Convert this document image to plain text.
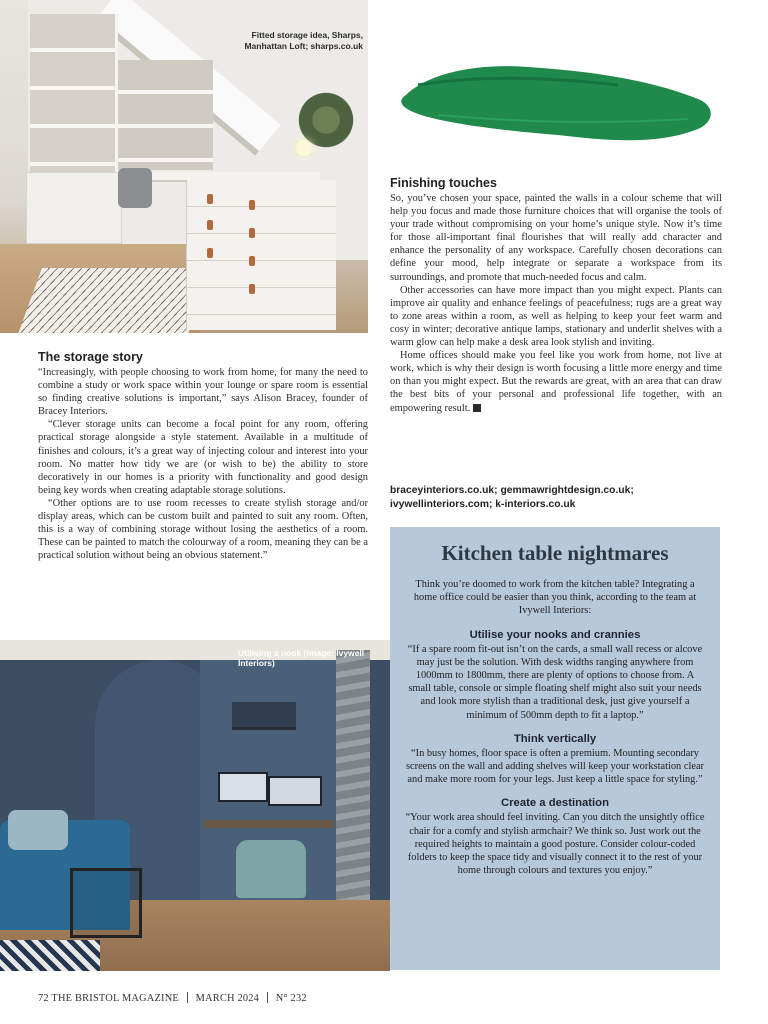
Fitted storage idea, Sharps, Manhattan Loft; sharps.co.uk
Finishing touches

So, you’ve chosen your space, painted the walls in a colour scheme that will help you focus and made those furniture choices that will organise the tools of your trade without compromising on your home’s unique style. Now it’s time for those all-important final flourishes that will really add character and enhance the personality of any workspace. Carefully chosen decorations can define your mood, help integrate or separate a workspace from its surroundings, and promote that much-needed focus and calm.

Other accessories can have more impact than you might expect. Plants can improve air quality and enhance feelings of peacefulness; rugs are a great way to zone areas within a room, as well as helping to keep your feet warm and cosy in winter; decorative antique lamps, stationary and underlit shelves with a warm glow can help make a desk area look stylish and inviting.

Home offices should make you feel like you work from home, not live at work, which is why their design is worth focusing a little more energy and time on than you might expect. But the rewards are great, with an area that can draw the best bits of your personal and professional life together, with an empowering result.

braceyinteriors.co.uk; gemmawrightdesign.co.uk; ivywellinteriors.com; k-interiors.co.uk
The storage story

“Increasingly, with people choosing to work from home, for many the need to combine a study or work space within your lounge or spare room is essential so finding creative solutions is important,” says Alison Bracey, founder of Bracey Interiors.

“Clever storage units can become a focal point for any room, offering practical storage alongside a style statement. Available in a multitude of finishes and colours, it’s a great way of injecting colour and interest into your room. No matter how tidy we are (or wish to be) the ability to store decoratively in our homes is a priority with functionality and good design being key words when creating adaptable storage solutions.

“Other options are to use room recesses to create stylish storage and/or display areas, which can be custom built and painted to suit any room. Often, this is a way of combining storage without losing the aesthetics of a room. These can be painted to match the colourway of a room, meaning they can be a practical solution without being an obvious statement.”

Utilising a nook (image: Ivywell Interiors)
Kitchen table nightmares

Think you’re doomed to work from the kitchen table? Integrating a home office could be easier than you think, according to the team at Ivywell Interiors:

Utilise your nooks and crannies

“If a spare room fit-out isn’t on the cards, a small wall recess or alcove may just be the solution. With desk widths ranging anywhere from 1000mm to 1800mm, there are plenty of options to choose from. A small table, console or simple floating shelf might also suit your needs and look more stylish than a traditional desk, just give yourself a minimum of 500mm depth to fit a laptop.”

Think vertically

“In busy homes, floor space is often a premium. Mounting secondary screens on the wall and adding shelves will keep your workstation clear and make more room for your legs. Just keep a little space for styling.”

Create a destination

“Your work area should feel inviting. Can you ditch the unsightly office chair for a comfy and stylish armchair? We think so. Just work out the required heights to maintain a good posture. Consider colour-coded folders to keep the space tidy and visually connect it to the rest of your home through colours and textures you enjoy.”

72 THE BRISTOL MAGAZINE MARCH 2024 N° 232
